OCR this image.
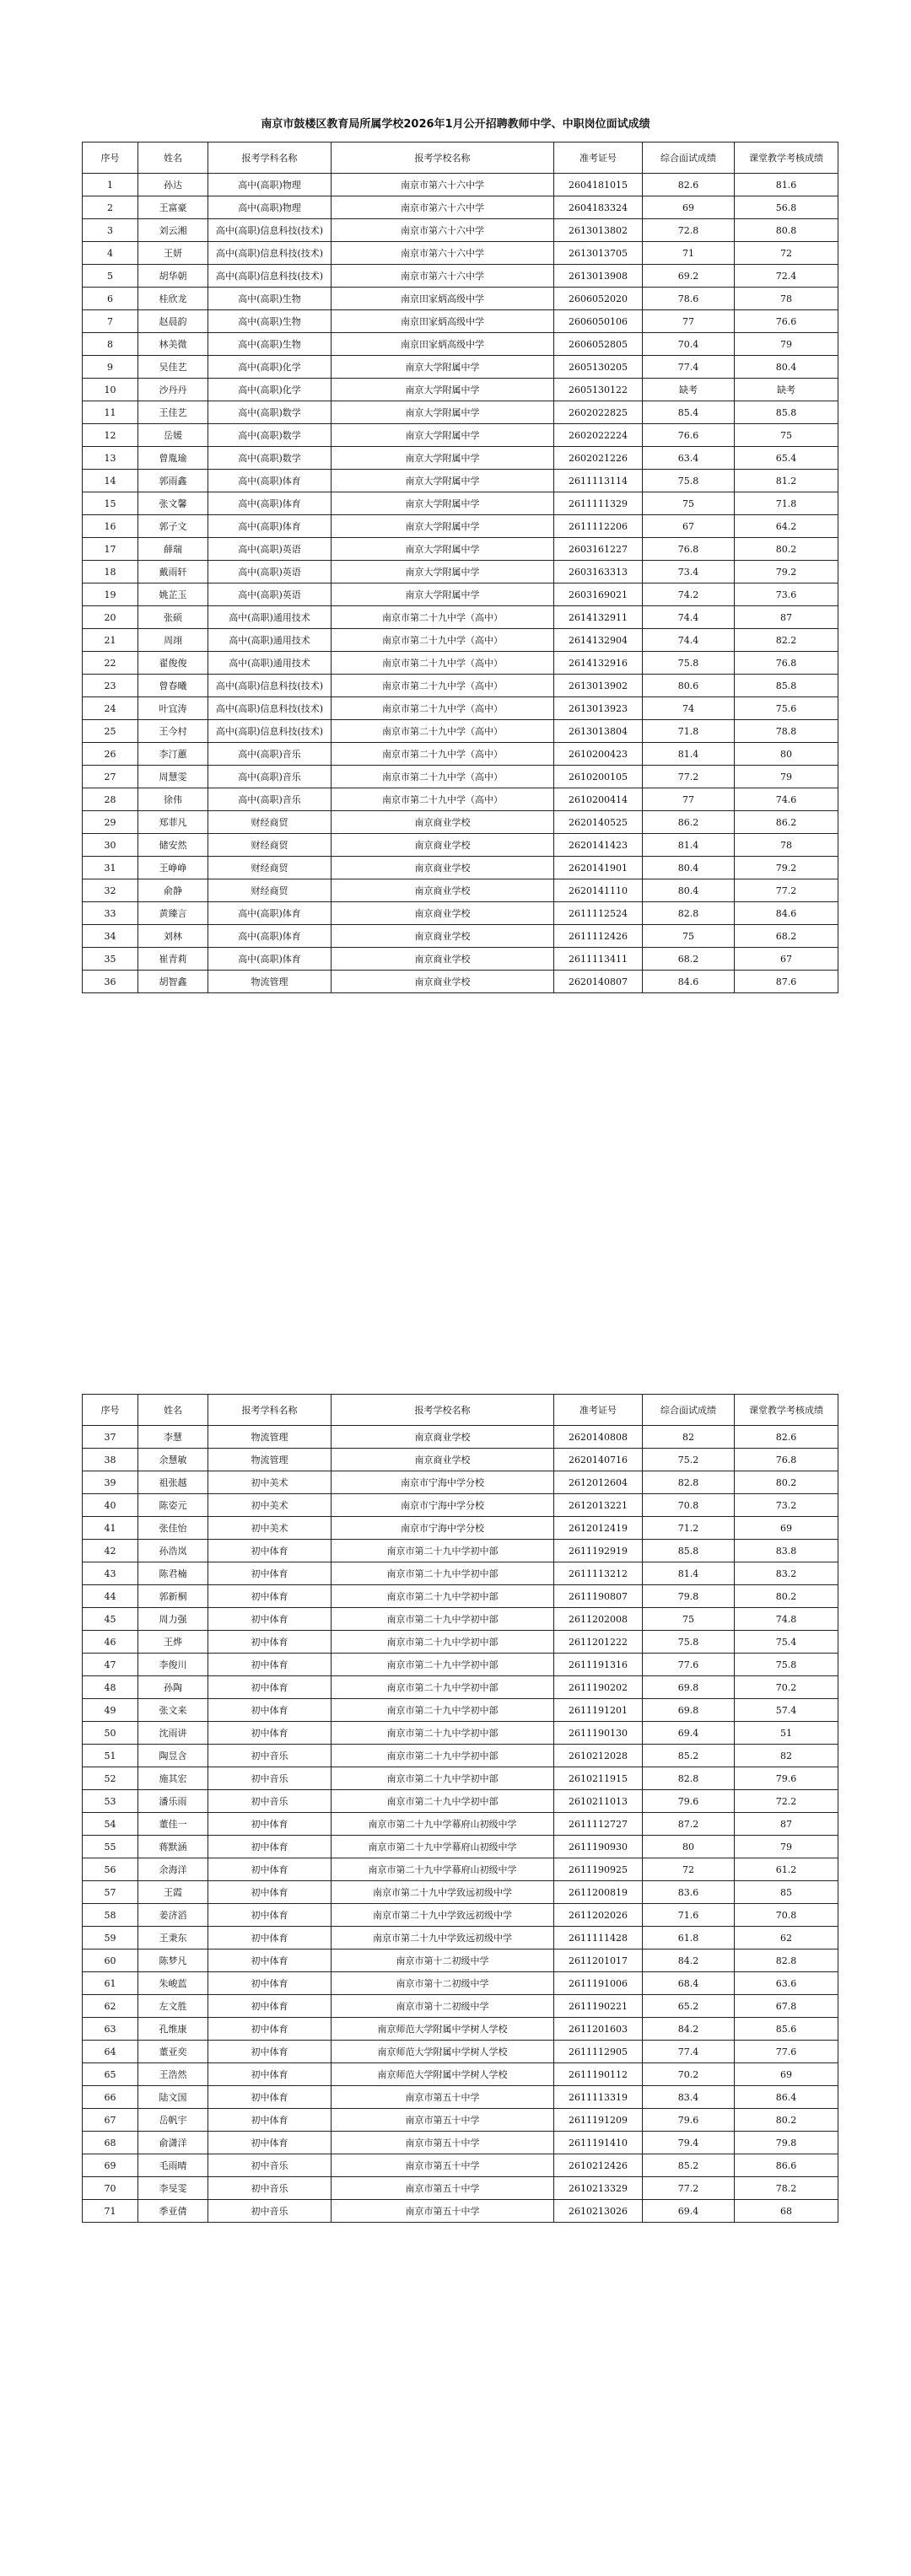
南京市鼓楼区教育局所属学校2026年1月公开招聘教师中学、中职岗位面试成绩
序号	姓名	报考学科名称	报考学校名称	准考证号	综合面试成绩	课堂教学考核成绩
1	孙达	高中(高职)物理	南京市第六十六中学	2604181015	82.6	81.6
2	王富豪	高中(高职)物理	南京市第六十六中学	2604183324	69	56.8
3	刘云湘	高中(高职)信息科技(技术)	南京市第六十六中学	2613013802	72.8	80.8
4	王妍	高中(高职)信息科技(技术)	南京市第六十六中学	2613013705	71	72
5	胡华朝	高中(高职)信息科技(技术)	南京市第六十六中学	2613013908	69.2	72.4
6	桂欣龙	高中(高职)生物	南京田家炳高级中学	2606052020	78.6	78
7	赵晨韵	高中(高职)生物	南京田家炳高级中学	2606050106	77	76.6
8	林美微	高中(高职)生物	南京田家炳高级中学	2606052805	70.4	79
9	吴佳艺	高中(高职)化学	南京大学附属中学	2605130205	77.4	80.4
10	沙丹丹	高中(高职)化学	南京大学附属中学	2605130122	缺考	缺考
11	王佳艺	高中(高职)数学	南京大学附属中学	2602022825	85.4	85.8
12	岳媛	高中(高职)数学	南京大学附属中学	2602022224	76.6	75
13	曾胤瑜	高中(高职)数学	南京大学附属中学	2602021226	63.4	65.4
14	郭雨鑫	高中(高职)体育	南京大学附属中学	2611113114	75.8	81.2
15	张文馨	高中(高职)体育	南京大学附属中学	2611111329	75	71.8
16	郭子文	高中(高职)体育	南京大学附属中学	2611112206	67	64.2
17	薛瑞	高中(高职)英语	南京大学附属中学	2603161227	76.8	80.2
18	戴雨轩	高中(高职)英语	南京大学附属中学	2603163313	73.4	79.2
19	姚芷玉	高中(高职)英语	南京大学附属中学	2603169021	74.2	73.6
20	张硕	高中(高职)通用技术	南京市第二十九中学（高中）	2614132911	74.4	87
21	周翊	高中(高职)通用技术	南京市第二十九中学（高中）	2614132904	74.4	82.2
22	翟俊俊	高中(高职)通用技术	南京市第二十九中学（高中）	2614132916	75.8	76.8
23	曾春曦	高中(高职)信息科技(技术)	南京市第二十九中学（高中）	2613013902	80.6	85.8
24	叶宜涛	高中(高职)信息科技(技术)	南京市第二十九中学（高中）	2613013923	74	75.6
25	王今村	高中(高职)信息科技(技术)	南京市第二十九中学（高中）	2613013804	71.8	78.8
26	李汀蕙	高中(高职)音乐	南京市第二十九中学（高中）	2610200423	81.4	80
27	周慧雯	高中(高职)音乐	南京市第二十九中学（高中）	2610200105	77.2	79
28	徐伟	高中(高职)音乐	南京市第二十九中学（高中）	2610200414	77	74.6
29	郑菲凡	财经商贸	南京商业学校	2620140525	86.2	86.2
30	储安然	财经商贸	南京商业学校	2620141423	81.4	78
31	王峥峥	财经商贸	南京商业学校	2620141901	80.4	79.2
32	俞静	财经商贸	南京商业学校	2620141110	80.4	77.2
33	黄臻言	高中(高职)体育	南京商业学校	2611112524	82.8	84.6
34	刘林	高中(高职)体育	南京商业学校	2611112426	75	68.2
35	崔青莉	高中(高职)体育	南京商业学校	2611113411	68.2	67
36	胡智鑫	物流管理	南京商业学校	2620140807	84.6	87.6
序号	姓名	报考学科名称	报考学校名称	准考证号	综合面试成绩	课堂教学考核成绩
37	李慧	物流管理	南京商业学校	2620140808	82	82.6
38	余慧敏	物流管理	南京商业学校	2620140716	75.2	76.8
39	祖张越	初中美术	南京市宁海中学分校	2612012604	82.8	80.2
40	陈姿元	初中美术	南京市宁海中学分校	2612013221	70.8	73.2
41	张佳怡	初中美术	南京市宁海中学分校	2612012419	71.2	69
42	孙浩岚	初中体育	南京市第二十九中学初中部	2611192919	85.8	83.8
43	陈君楠	初中体育	南京市第二十九中学初中部	2611113212	81.4	83.2
44	郭新桐	初中体育	南京市第二十九中学初中部	2611190807	79.8	80.2
45	周力强	初中体育	南京市第二十九中学初中部	2611202008	75	74.8
46	王烨	初中体育	南京市第二十九中学初中部	2611201222	75.8	75.4
47	李俊川	初中体育	南京市第二十九中学初中部	2611191316	77.6	75.8
48	孙陶	初中体育	南京市第二十九中学初中部	2611190202	69.8	70.2
49	张文来	初中体育	南京市第二十九中学初中部	2611191201	69.8	57.4
50	沈雨讲	初中体育	南京市第二十九中学初中部	2611190130	69.4	51
51	陶昱含	初中音乐	南京市第二十九中学初中部	2610212028	85.2	82
52	施其宏	初中音乐	南京市第二十九中学初中部	2610211915	82.8	79.6
53	潘乐雨	初中音乐	南京市第二十九中学初中部	2610211013	79.6	72.2
54	董佳一	初中体育	南京市第二十九中学幕府山初级中学	2611112727	87.2	87
55	蒋默涵	初中体育	南京市第二十九中学幕府山初级中学	2611190930	80	79
56	余海洋	初中体育	南京市第二十九中学幕府山初级中学	2611190925	72	61.2
57	王霞	初中体育	南京市第二十九中学致远初级中学	2611200819	83.6	85
58	姜济滔	初中体育	南京市第二十九中学致远初级中学	2611202026	71.6	70.8
59	王秉东	初中体育	南京市第二十九中学致远初级中学	2611111428	61.8	62
60	陈梦凡	初中体育	南京市第十二初级中学	2611201017	84.2	82.8
61	朱峻蓝	初中体育	南京市第十二初级中学	2611191006	68.4	63.6
62	左文胜	初中体育	南京市第十二初级中学	2611190221	65.2	67.8
63	孔维康	初中体育	南京师范大学附属中学树人学校	2611201603	84.2	85.6
64	董亚奕	初中体育	南京师范大学附属中学树人学校	2611112905	77.4	77.6
65	王浩然	初中体育	南京师范大学附属中学树人学校	2611190112	70.2	69
66	陆文国	初中体育	南京市第五十中学	2611113319	83.4	86.4
67	岳帆宇	初中体育	南京市第五十中学	2611191209	79.6	80.2
68	俞潇洋	初中体育	南京市第五十中学	2611191410	79.4	79.8
69	毛雨晴	初中音乐	南京市第五十中学	2610212426	85.2	86.6
70	李旻雯	初中音乐	南京市第五十中学	2610213329	77.2	78.2
71	季亚倩	初中音乐	南京市第五十中学	2610213026	69.4	68
